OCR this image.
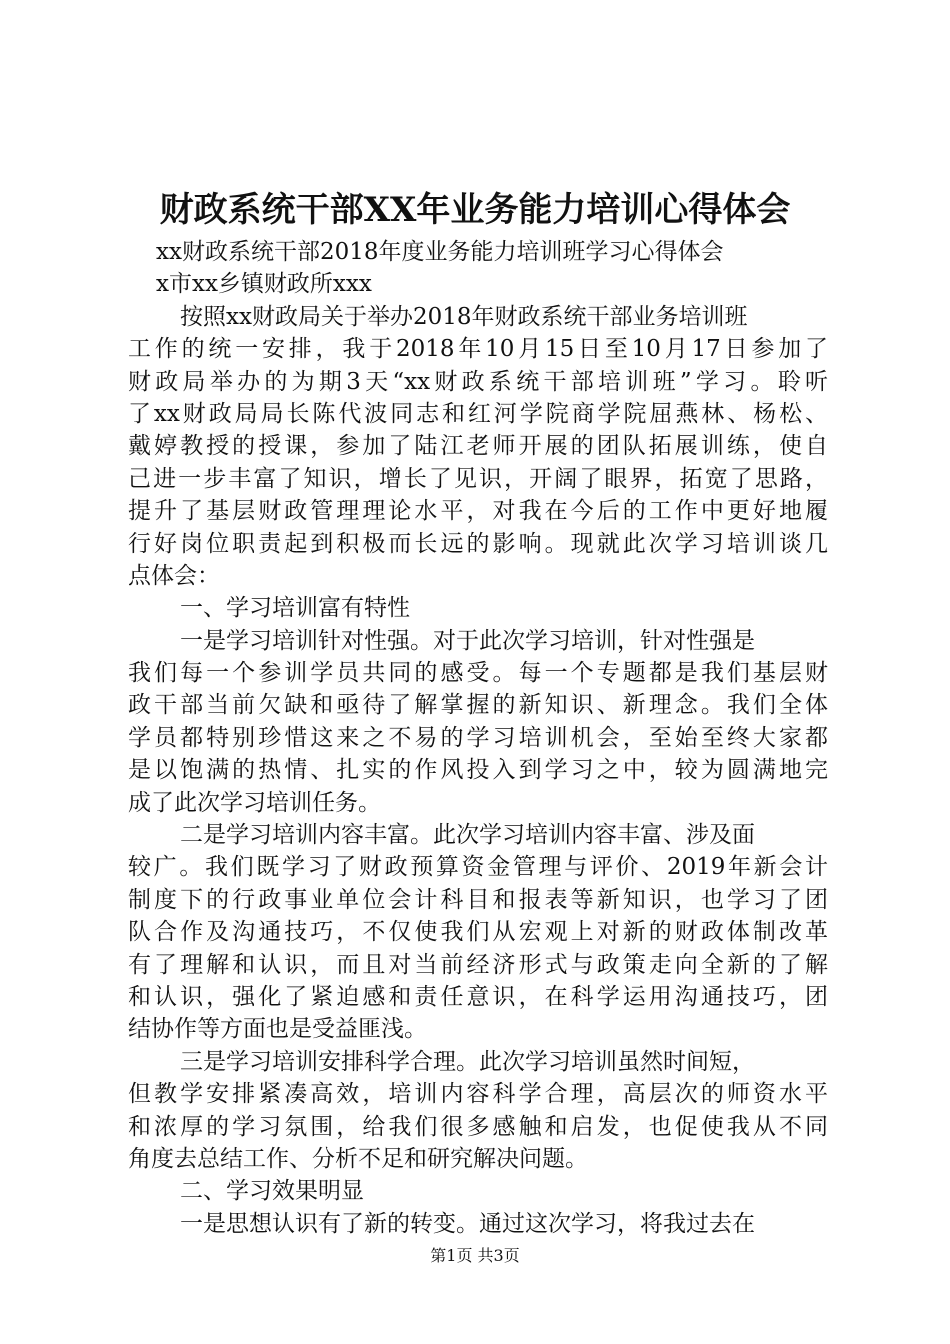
财政系统干部XX年业务能力培训心得体会
xx财政系统干部2018年度业务能力培训班学习心得体会
x市xx乡镇财政所xxx
按照xx财政局关于举办2018年财政系统干部业务培训班
工作的统一安排，我于2018年10月15日至10月17日参加了
财政局举办的为期3天“xx财政系统干部培训班”学习。聆听
了xx财政局局长陈代波同志和红河学院商学院屈燕林、杨松、
戴婷教授的授课，参加了陆江老师开展的团队拓展训练，使自
己进一步丰富了知识，增长了见识，开阔了眼界，拓宽了思路，
提升了基层财政管理理论水平，对我在今后的工作中更好地履
行好岗位职责起到积极而长远的影响。现就此次学习培训谈几
点体会：
一、学习培训富有特性
一是学习培训针对性强。对于此次学习培训，针对性强是
我们每一个参训学员共同的感受。每一个专题都是我们基层财
政干部当前欠缺和亟待了解掌握的新知识、新理念。我们全体
学员都特别珍惜这来之不易的学习培训机会，至始至终大家都
是以饱满的热情、扎实的作风投入到学习之中，较为圆满地完
成了此次学习培训任务。
二是学习培训内容丰富。此次学习培训内容丰富、涉及面
较广。我们既学习了财政预算资金管理与评价、2019年新会计
制度下的行政事业单位会计科目和报表等新知识，也学习了团
队合作及沟通技巧，不仅使我们从宏观上对新的财政体制改革
有了理解和认识，而且对当前经济形式与政策走向全新的了解
和认识，强化了紧迫感和责任意识，在科学运用沟通技巧，团
结协作等方面也是受益匪浅。
三是学习培训安排科学合理。此次学习培训虽然时间短，
但教学安排紧凑高效，培训内容科学合理，高层次的师资水平
和浓厚的学习氛围，给我们很多感触和启发，也促使我从不同
角度去总结工作、分析不足和研究解决问题。
二、学习效果明显
一是思想认识有了新的转变。通过这次学习，将我过去在
第1页 共3页
